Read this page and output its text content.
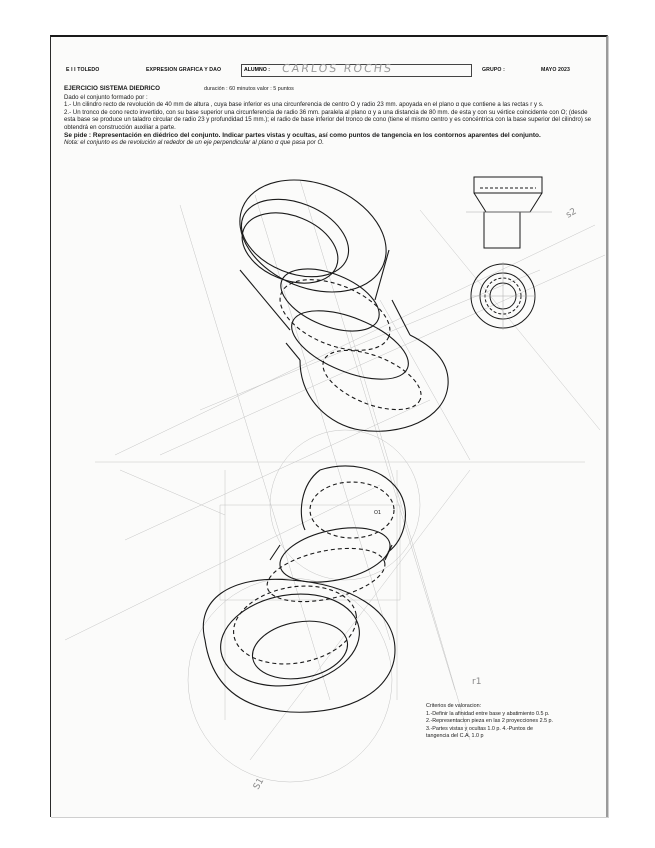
E I I TOLEDO	EXPRESION GRAFICA Y DAO	ALUMNO : CARLOS ROCHS	GRUPO :	MAYO 2023

EJERCICIO SISTEMA DIEDRICO	duración : 60 minutos valor : 5 puntos

Dado el conjunto formado por :

1.- Un cilindro recto de revolución de 40 mm de altura , cuya base inferior es una circunferencia de centro O y radio 23 mm. apoyada en el plano α que contiene a las rectas r y s.

2.- Un tronco de cono recto invertido, con su base superior una circunferencia de radio 36 mm. paralela al plano α y a una distancia de 80 mm. de esta y con su vértice coincidente con O; (desde esta base se produce un taladro circular de radio 23 y profundidad 15 mm.); el radio de base inferior del tronco de cono (tiene el mismo centro y es concéntrica con la base superior del cilindro) se obtendrá en construcción auxiliar a parte.

Se pide : Representación en diédrico del conjunto. Indicar partes vistas y ocultas, así como puntos de tangencia en los contornos aparentes del conjunto.

Nota: el conjunto es de revolución al rededor de un eje perpendicular al plano α que pasa por O.

s2
r1
S1
O1

Criterios de valoracion:

1.-Definir la afinidad entre base y abatimiento 0.5 p.

2.-Representacion pieza en las 2 proyecciones 2.5 p.

3.-Partes vistas y ocultas 1.0 p. 4.-Puntos de

tangencia del C.A. 1.0 p
